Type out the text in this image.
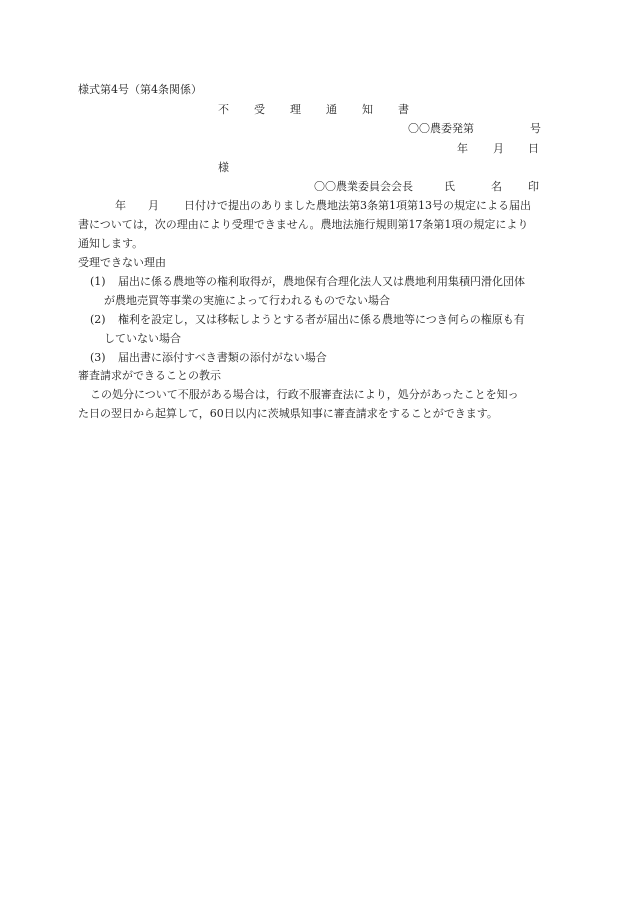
様式第4号（第4条関係）
不 受 理 通 知 書
〇〇農委発第	号
年 月 日
様
〇〇農業委員会会長	氏	名 印
年 月 日付けで提出のありました農地法第3条第1項第13号の規定による届出
書については，次の理由により受理できません。農地法施行規則第17条第1項の規定により
通知します。
受理できない理由
(1) 届出に係る農地等の権利取得が，農地保有合理化法人又は農地利用集積円滑化団体
が農地売買等事業の実施によって行われるものでない場合
(2) 権利を設定し，又は移転しようとする者が届出に係る農地等につき何らの権原も有
していない場合
(3) 届出書に添付すべき書類の添付がない場合
審査請求ができることの教示
この処分について不服がある場合は，行政不服審査法により，処分があったことを知っ
た日の翌日から起算して，60日以内に茨城県知事に審査請求をすることができます。
